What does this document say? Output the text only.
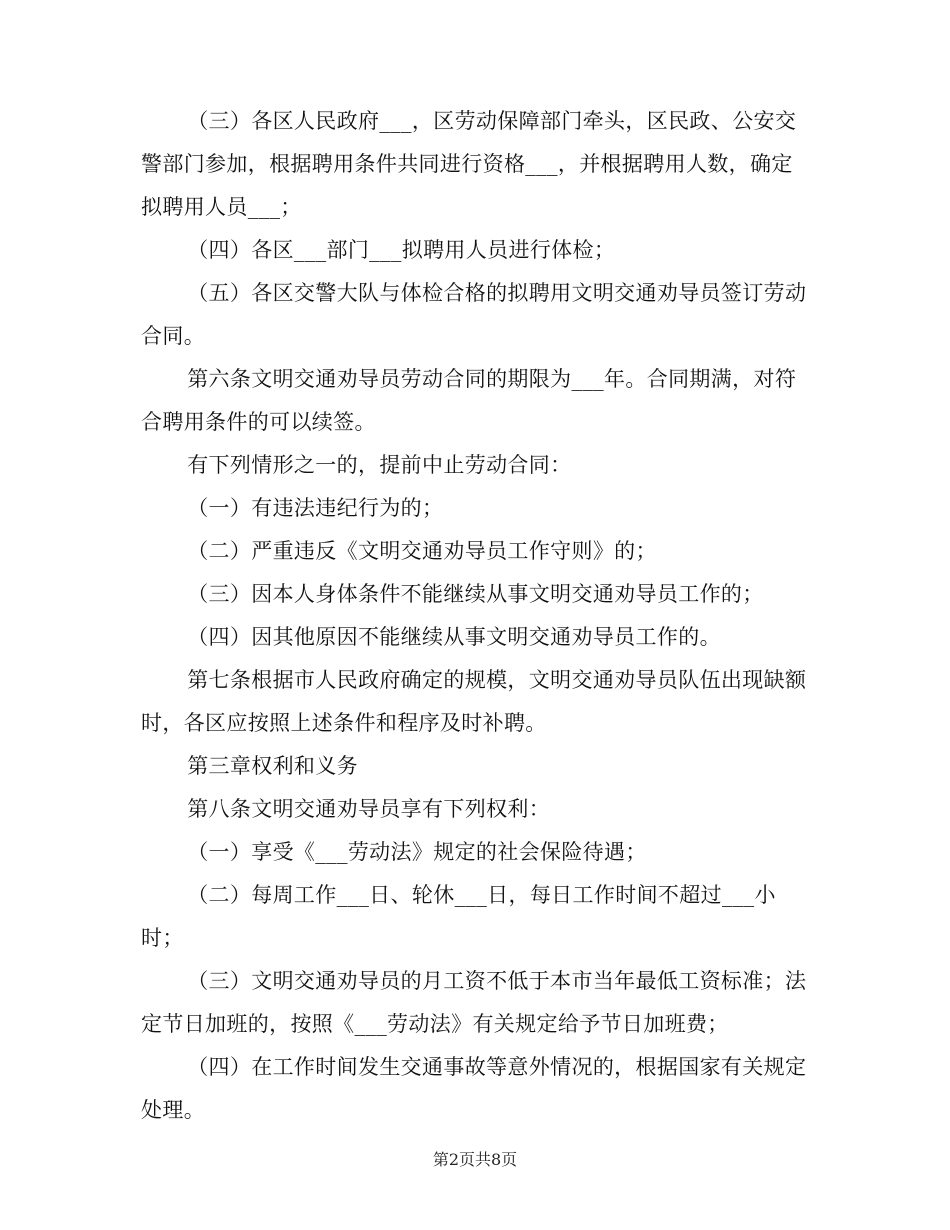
（三）各区人民政府___，区劳动保障部门牵头，区民政、公安交警部门参加，根据聘用条件共同进行资格___，并根据聘用人数，确定拟聘用人员___；

（四）各区___部门___拟聘用人员进行体检；

（五）各区交警大队与体检合格的拟聘用文明交通劝导员签订劳动合同。

第六条文明交通劝导员劳动合同的期限为___年。合同期满，对符合聘用条件的可以续签。

有下列情形之一的，提前中止劳动合同：

（一）有违法违纪行为的；

（二）严重违反《文明交通劝导员工作守则》的；

（三）因本人身体条件不能继续从事文明交通劝导员工作的；

（四）因其他原因不能继续从事文明交通劝导员工作的。

第七条根据市人民政府确定的规模，文明交通劝导员队伍出现缺额时，各区应按照上述条件和程序及时补聘。

第三章权利和义务

第八条文明交通劝导员享有下列权利：

（一）享受《___劳动法》规定的社会保险待遇；

（二）每周工作___日、轮休___日，每日工作时间不超过___小时；

（三）文明交通劝导员的月工资不低于本市当年最低工资标准；法定节日加班的，按照《___劳动法》有关规定给予节日加班费；

（四）在工作时间发生交通事故等意外情况的，根据国家有关规定处理。

第2页共8页
